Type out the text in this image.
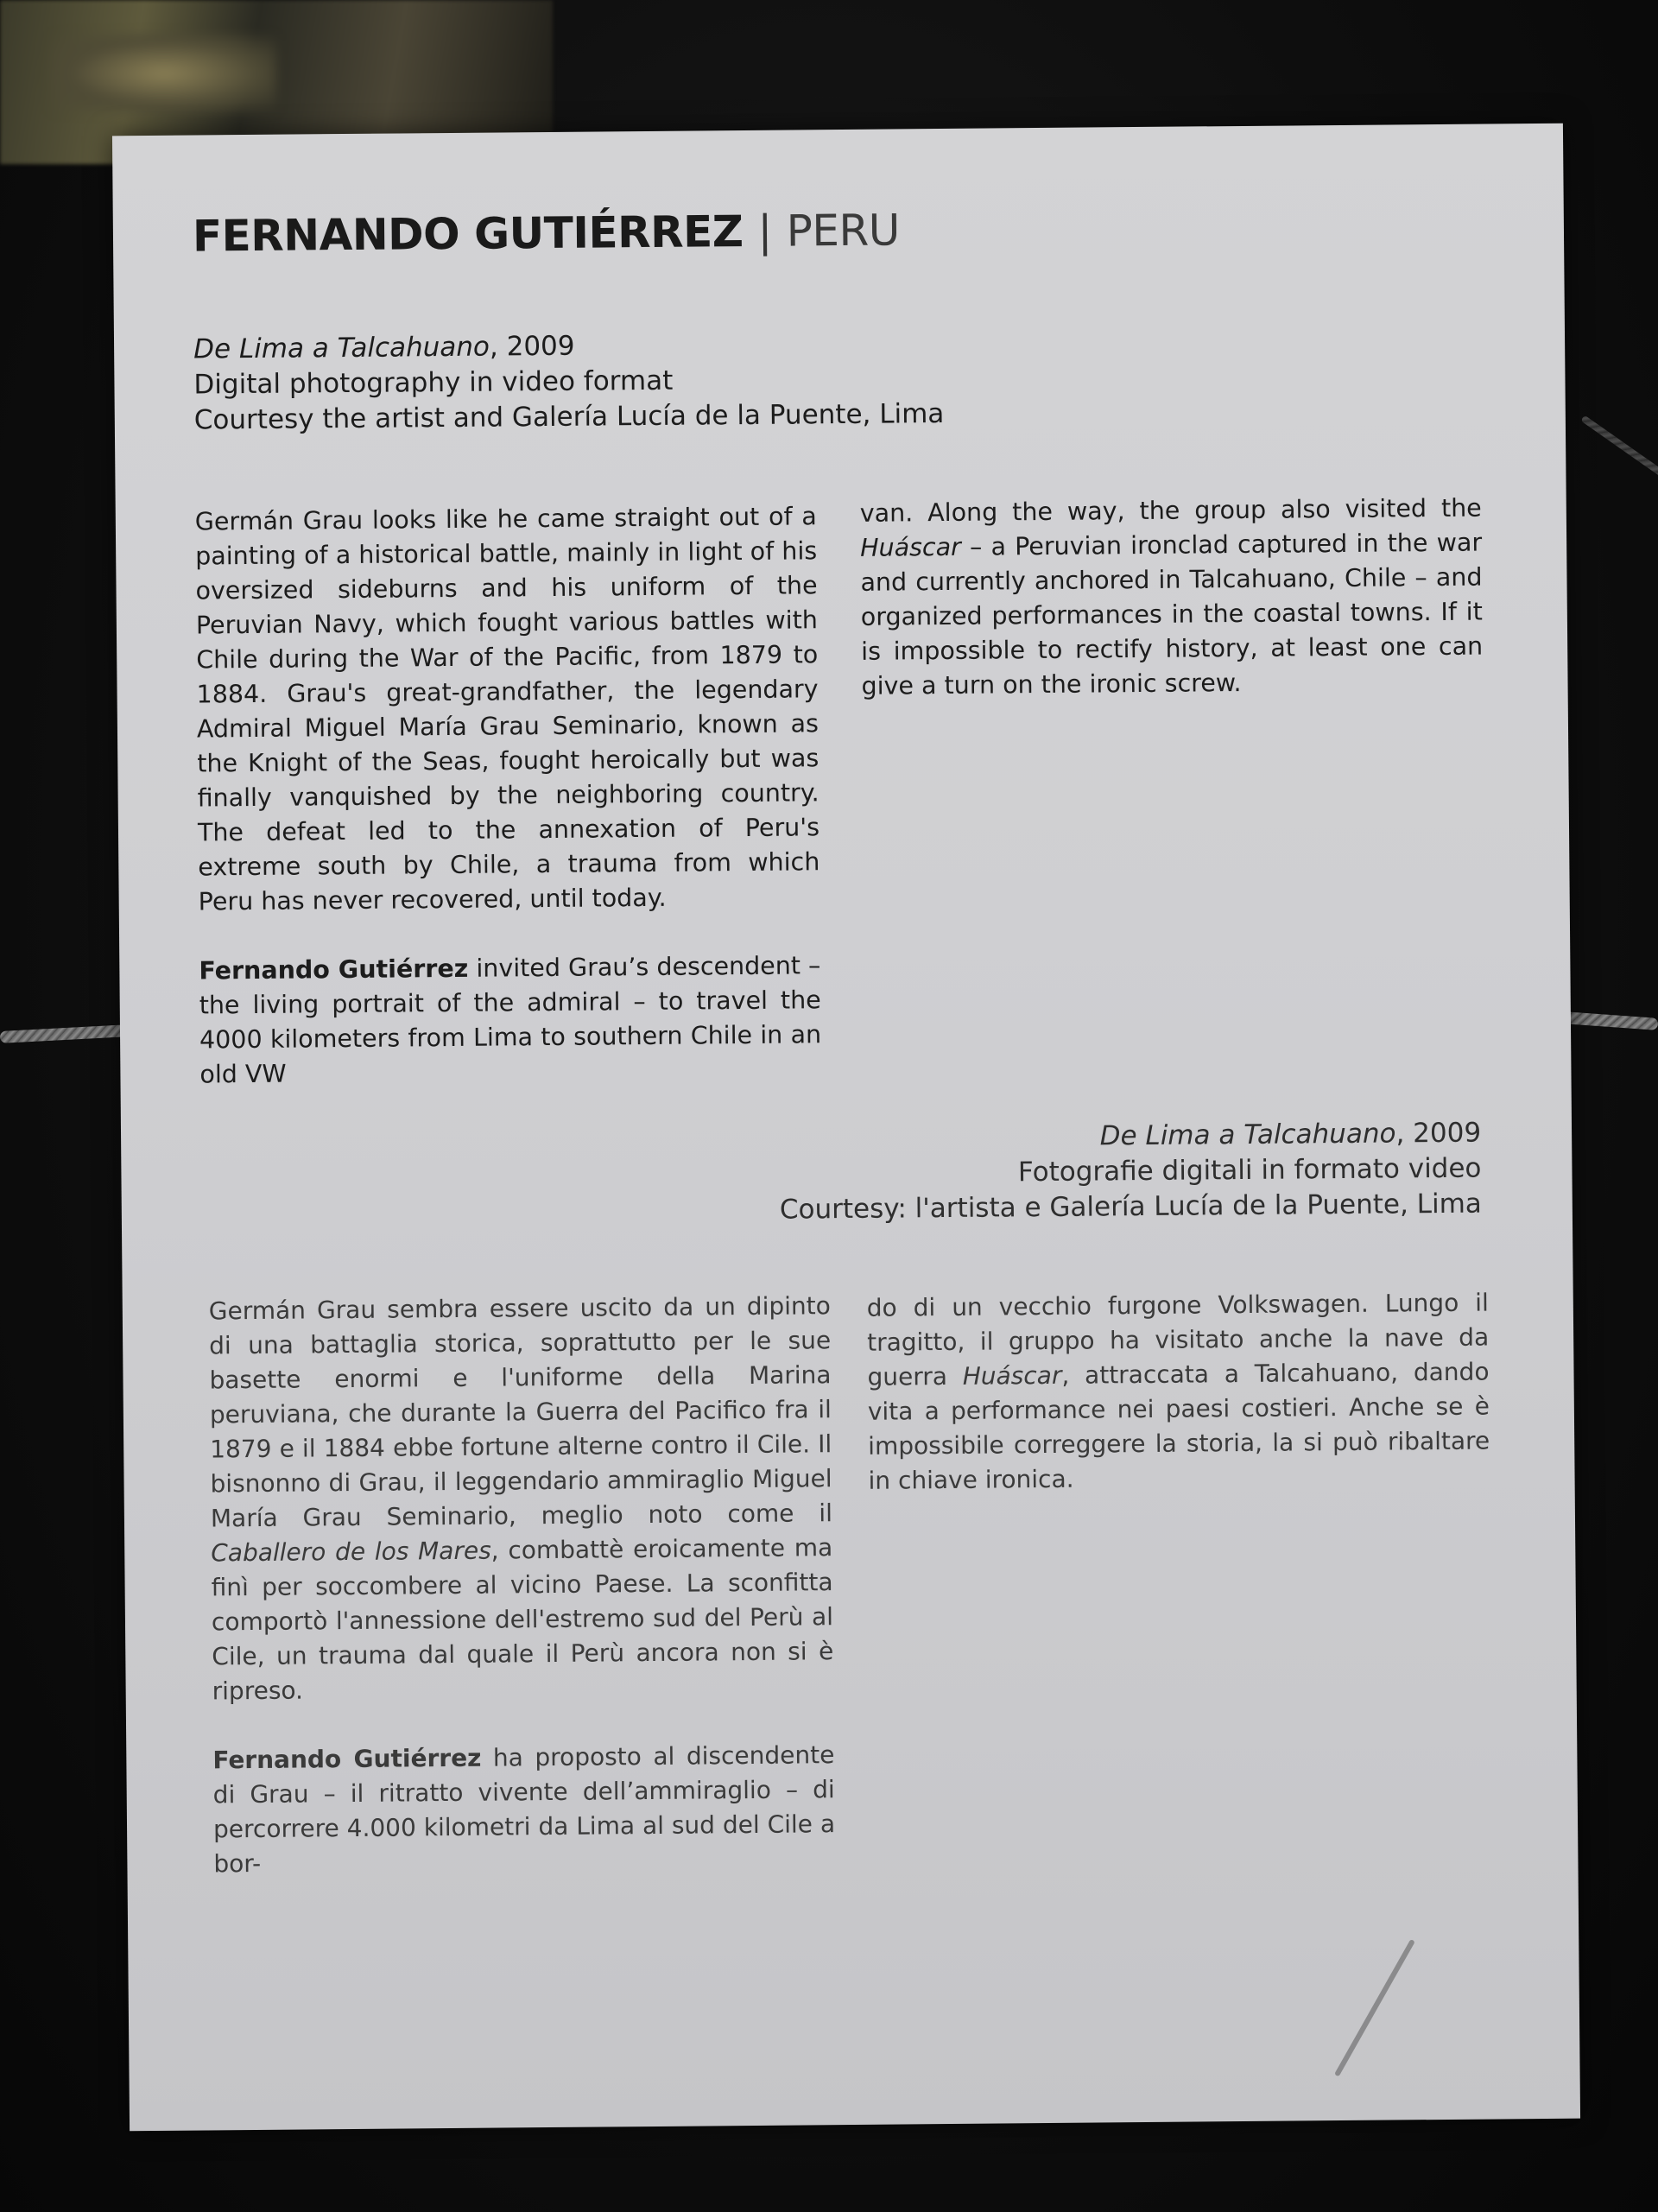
FERNANDO GUTIÉRREZ | PERU
De Lima a Talcahuano, 2009
Digital photography in video format
Courtesy the artist and Galería Lucía de la Puente, Lima

Germán Grau looks like he came straight out of a painting of a historical battle, mainly in light of his oversized sideburns and his uniform of the Peruvian Navy, which fought various battles with Chile during the War of the Pacific, from 1879 to 1884. Grau's great-grandfather, the legendary Admiral Miguel María Grau Seminario, known as the Knight of the Seas, fought heroically but was finally vanquished by the neighboring country. The defeat led to the annexation of Peru's extreme south by Chile, a trauma from which Peru has never recovered, until today.

Fernando Gutiérrez invited Grau’s descendent – the living portrait of the admiral – to travel the 4000 kilometers from Lima to southern Chile in an old VW

van. Along the way, the group also visited the Huáscar – a Peruvian ironclad captured in the war and currently anchored in Talcahuano, Chile – and organized performances in the coastal towns. If it is impossible to rectify history, at least one can give a turn on the ironic screw.

De Lima a Talcahuano, 2009
Fotografie digitali in formato video
Courtesy: l'artista e Galería Lucía de la Puente, Lima

Germán Grau sembra essere uscito da un dipinto di una battaglia storica, soprattutto per le sue basette enormi e l'uniforme della Marina peruviana, che durante la Guerra del Pacifico fra il 1879 e il 1884 ebbe fortune alterne contro il Cile. Il bisnonno di Grau, il leggendario ammiraglio Miguel María Grau Seminario, meglio noto come il Caballero de los Mares, combattè eroicamente ma finì per soccombere al vicino Paese. La sconfitta comportò l'annessione dell'estremo sud del Perù al Cile, un trauma dal quale il Perù ancora non si è ripreso.

Fernando Gutiérrez ha proposto al discendente di Grau – il ritratto vivente dell’ammiraglio – di percorrere 4.000 kilometri da Lima al sud del Cile a bor-

do di un vecchio furgone Volkswagen. Lungo il tragitto, il gruppo ha visitato anche la nave da guerra Huáscar, attraccata a Talcahuano, dando vita a performance nei paesi costieri. Anche se è impossibile correggere la storia, la si può ribaltare in chiave ironica.
